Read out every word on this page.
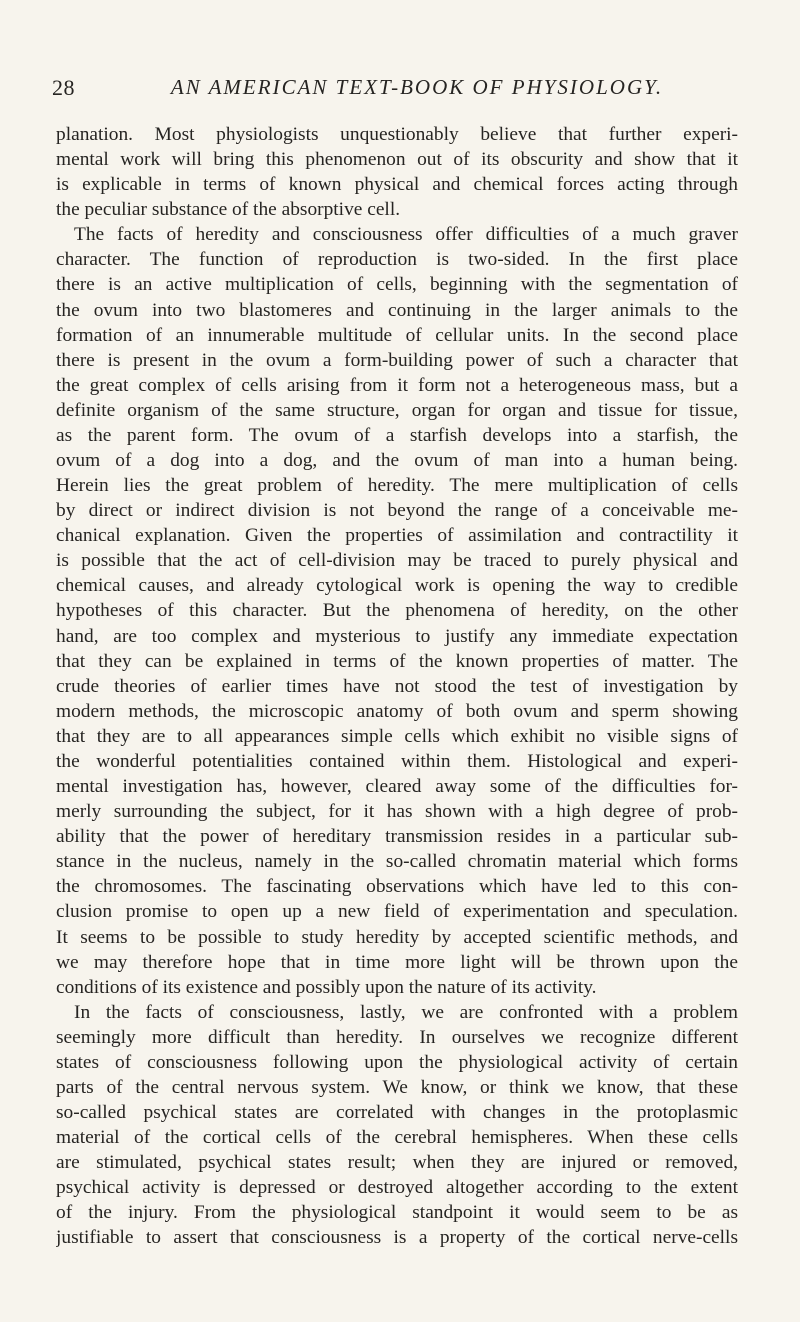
28	AN AMERICAN TEXT-BOOK OF PHYSIOLOGY.
planation. Most physiologists unquestionably believe that further experi-
mental work will bring this phenomenon out of its obscurity and show that it
is explicable in terms of known physical and chemical forces acting through
the peculiar substance of the absorptive cell.
The facts of heredity and consciousness offer difficulties of a much graver
character. The function of reproduction is two-sided. In the first place
there is an active multiplication of cells, beginning with the segmentation of
the ovum into two blastomeres and continuing in the larger animals to the
formation of an innumerable multitude of cellular units. In the second place
there is present in the ovum a form-building power of such a character that
the great complex of cells arising from it form not a heterogeneous mass, but a
definite organism of the same structure, organ for organ and tissue for tissue,
as the parent form. The ovum of a starfish develops into a starfish, the
ovum of a dog into a dog, and the ovum of man into a human being.
Herein lies the great problem of heredity. The mere multiplication of cells
by direct or indirect division is not beyond the range of a conceivable me-
chanical explanation. Given the properties of assimilation and contractility it
is possible that the act of cell-division may be traced to purely physical and
chemical causes, and already cytological work is opening the way to credible
hypotheses of this character. But the phenomena of heredity, on the other
hand, are too complex and mysterious to justify any immediate expectation
that they can be explained in terms of the known properties of matter. The
crude theories of earlier times have not stood the test of investigation by
modern methods, the microscopic anatomy of both ovum and sperm showing
that they are to all appearances simple cells which exhibit no visible signs of
the wonderful potentialities contained within them. Histological and experi-
mental investigation has, however, cleared away some of the difficulties for-
merly surrounding the subject, for it has shown with a high degree of prob-
ability that the power of hereditary transmission resides in a particular sub-
stance in the nucleus, namely in the so-called chromatin material which forms
the chromosomes. The fascinating observations which have led to this con-
clusion promise to open up a new field of experimentation and speculation.
It seems to be possible to study heredity by accepted scientific methods, and
we may therefore hope that in time more light will be thrown upon the
conditions of its existence and possibly upon the nature of its activity.
In the facts of consciousness, lastly, we are confronted with a problem
seemingly more difficult than heredity. In ourselves we recognize different
states of consciousness following upon the physiological activity of certain
parts of the central nervous system. We know, or think we know, that these
so-called psychical states are correlated with changes in the protoplasmic
material of the cortical cells of the cerebral hemispheres. When these cells
are stimulated, psychical states result; when they are injured or removed,
psychical activity is depressed or destroyed altogether according to the extent
of the injury. From the physiological standpoint it would seem to be as
justifiable to assert that consciousness is a property of the cortical nerve-cells
